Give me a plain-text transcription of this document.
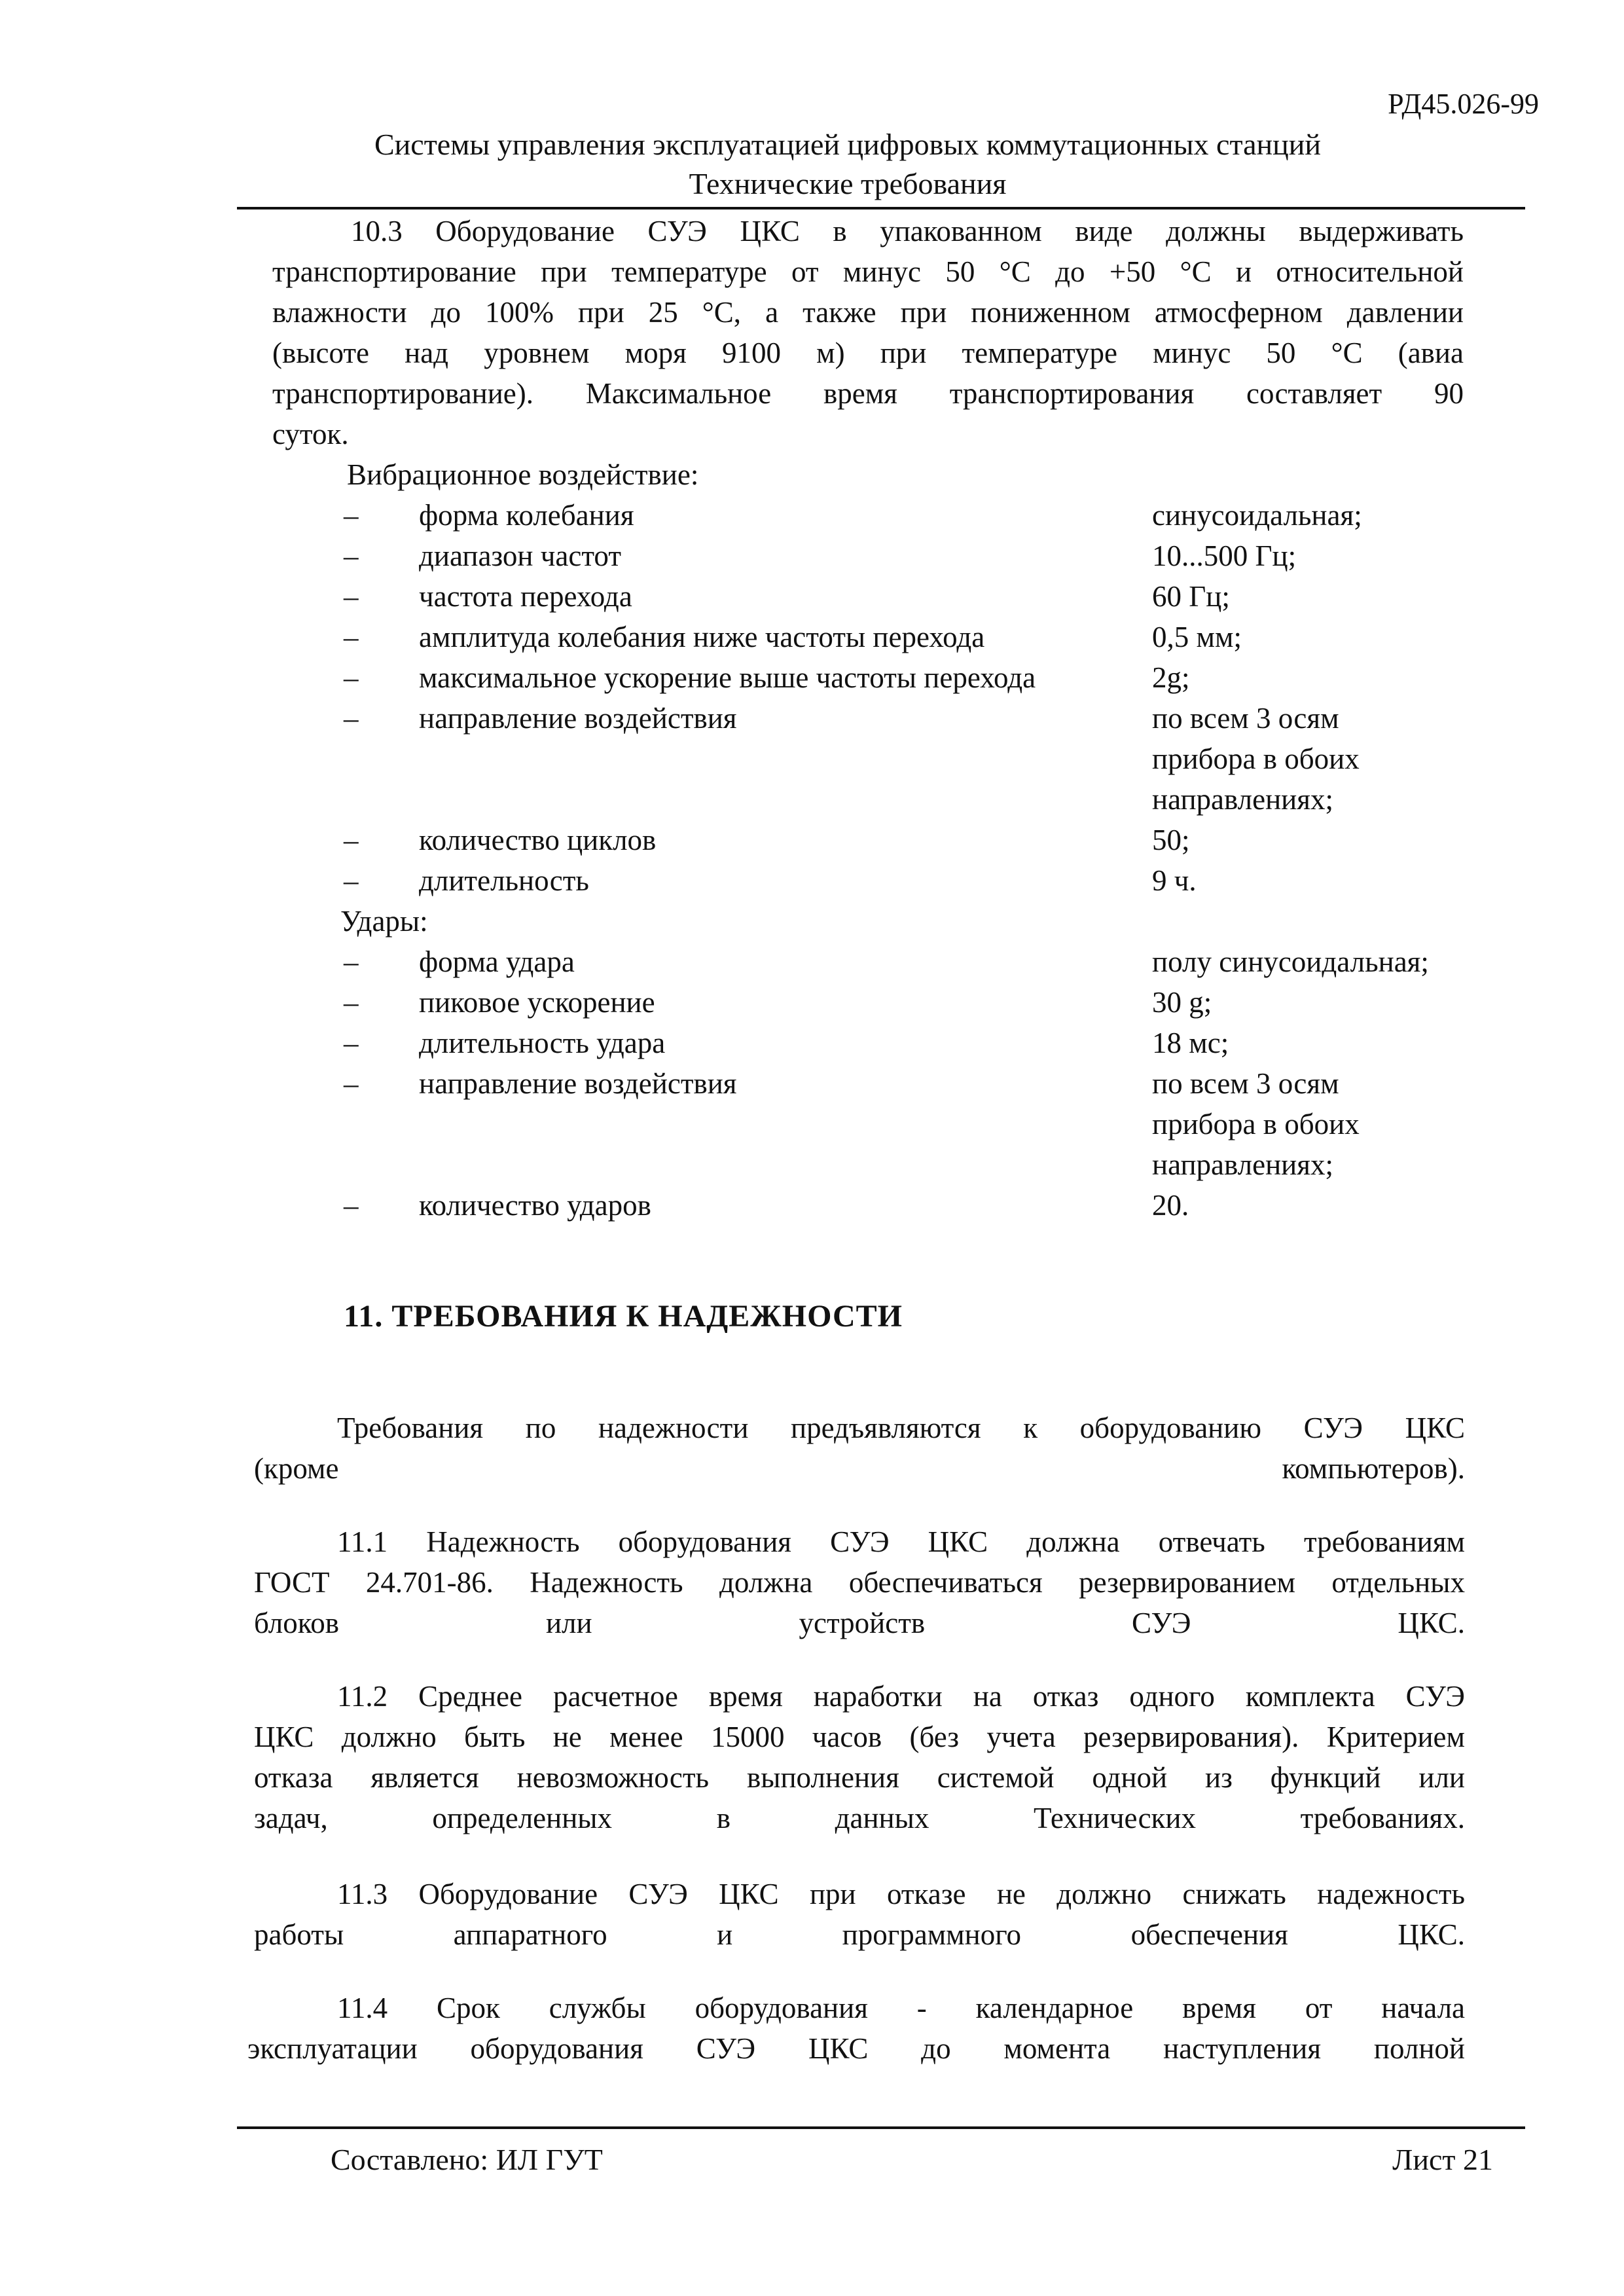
РД45.026-99
Системы управления эксплуатацией цифровых коммутационных станций
Технические требования
10.3 Оборудование СУЭ ЦКС в упакованном виде должны выдерживать
транспортирование при температуре от минус 50 °С до +50 °С и относительной
влажности до 100% при 25 °С, а также при пониженном атмосферном давлении
(высоте над уровнем моря 9100 м) при температуре минус 50 °С (авиа
транспортирование). Максимальное время транспортирования составляет 90
суток.
Вибрационное воздействие:
– форма колебания	синусоидальная;
– диапазон частот	10...500 Гц;
– частота перехода	60 Гц;
– амплитуда колебания ниже частоты перехода	0,5 мм;
– максимальное ускорение выше частоты перехода	2g;
– направление воздействия	по всем 3 осям
прибора в обоих
направлениях;
– количество циклов	50;
– длительность	9 ч.
Удары:
– форма удара	полу синусоидальная;
– пиковое ускорение	30 g;
– длительность удара	18 мс;
– направление воздействия	по всем 3 осям
прибора в обоих
направлениях;
– количество ударов	20.
11. ТРЕБОВАНИЯ К НАДЕЖНОСТИ
Требования по надежности предъявляются к оборудованию СУЭ ЦКС
(кроме компьютеров).
11.1 Надежность оборудования СУЭ ЦКС должна отвечать требованиям
ГОСТ 24.701-86. Надежность должна обеспечиваться резервированием отдельных
блоков или устройств СУЭ ЦКС.
11.2 Среднее расчетное время наработки на отказ одного комплекта СУЭ
ЦКС должно быть не менее 15000 часов (без учета резервирования). Критерием
отказа является невозможность выполнения системой одной из функций или
задач, определенных в данных Технических требованиях.
11.3 Оборудование СУЭ ЦКС при отказе не должно снижать надежность
работы аппаратного и программного обеспечения ЦКС.
11.4 Срок службы оборудования - календарное время от начала
эксплуатации оборудования СУЭ ЦКС до момента наступления полной
Составлено: ИЛ ГУТ	Лист 21
